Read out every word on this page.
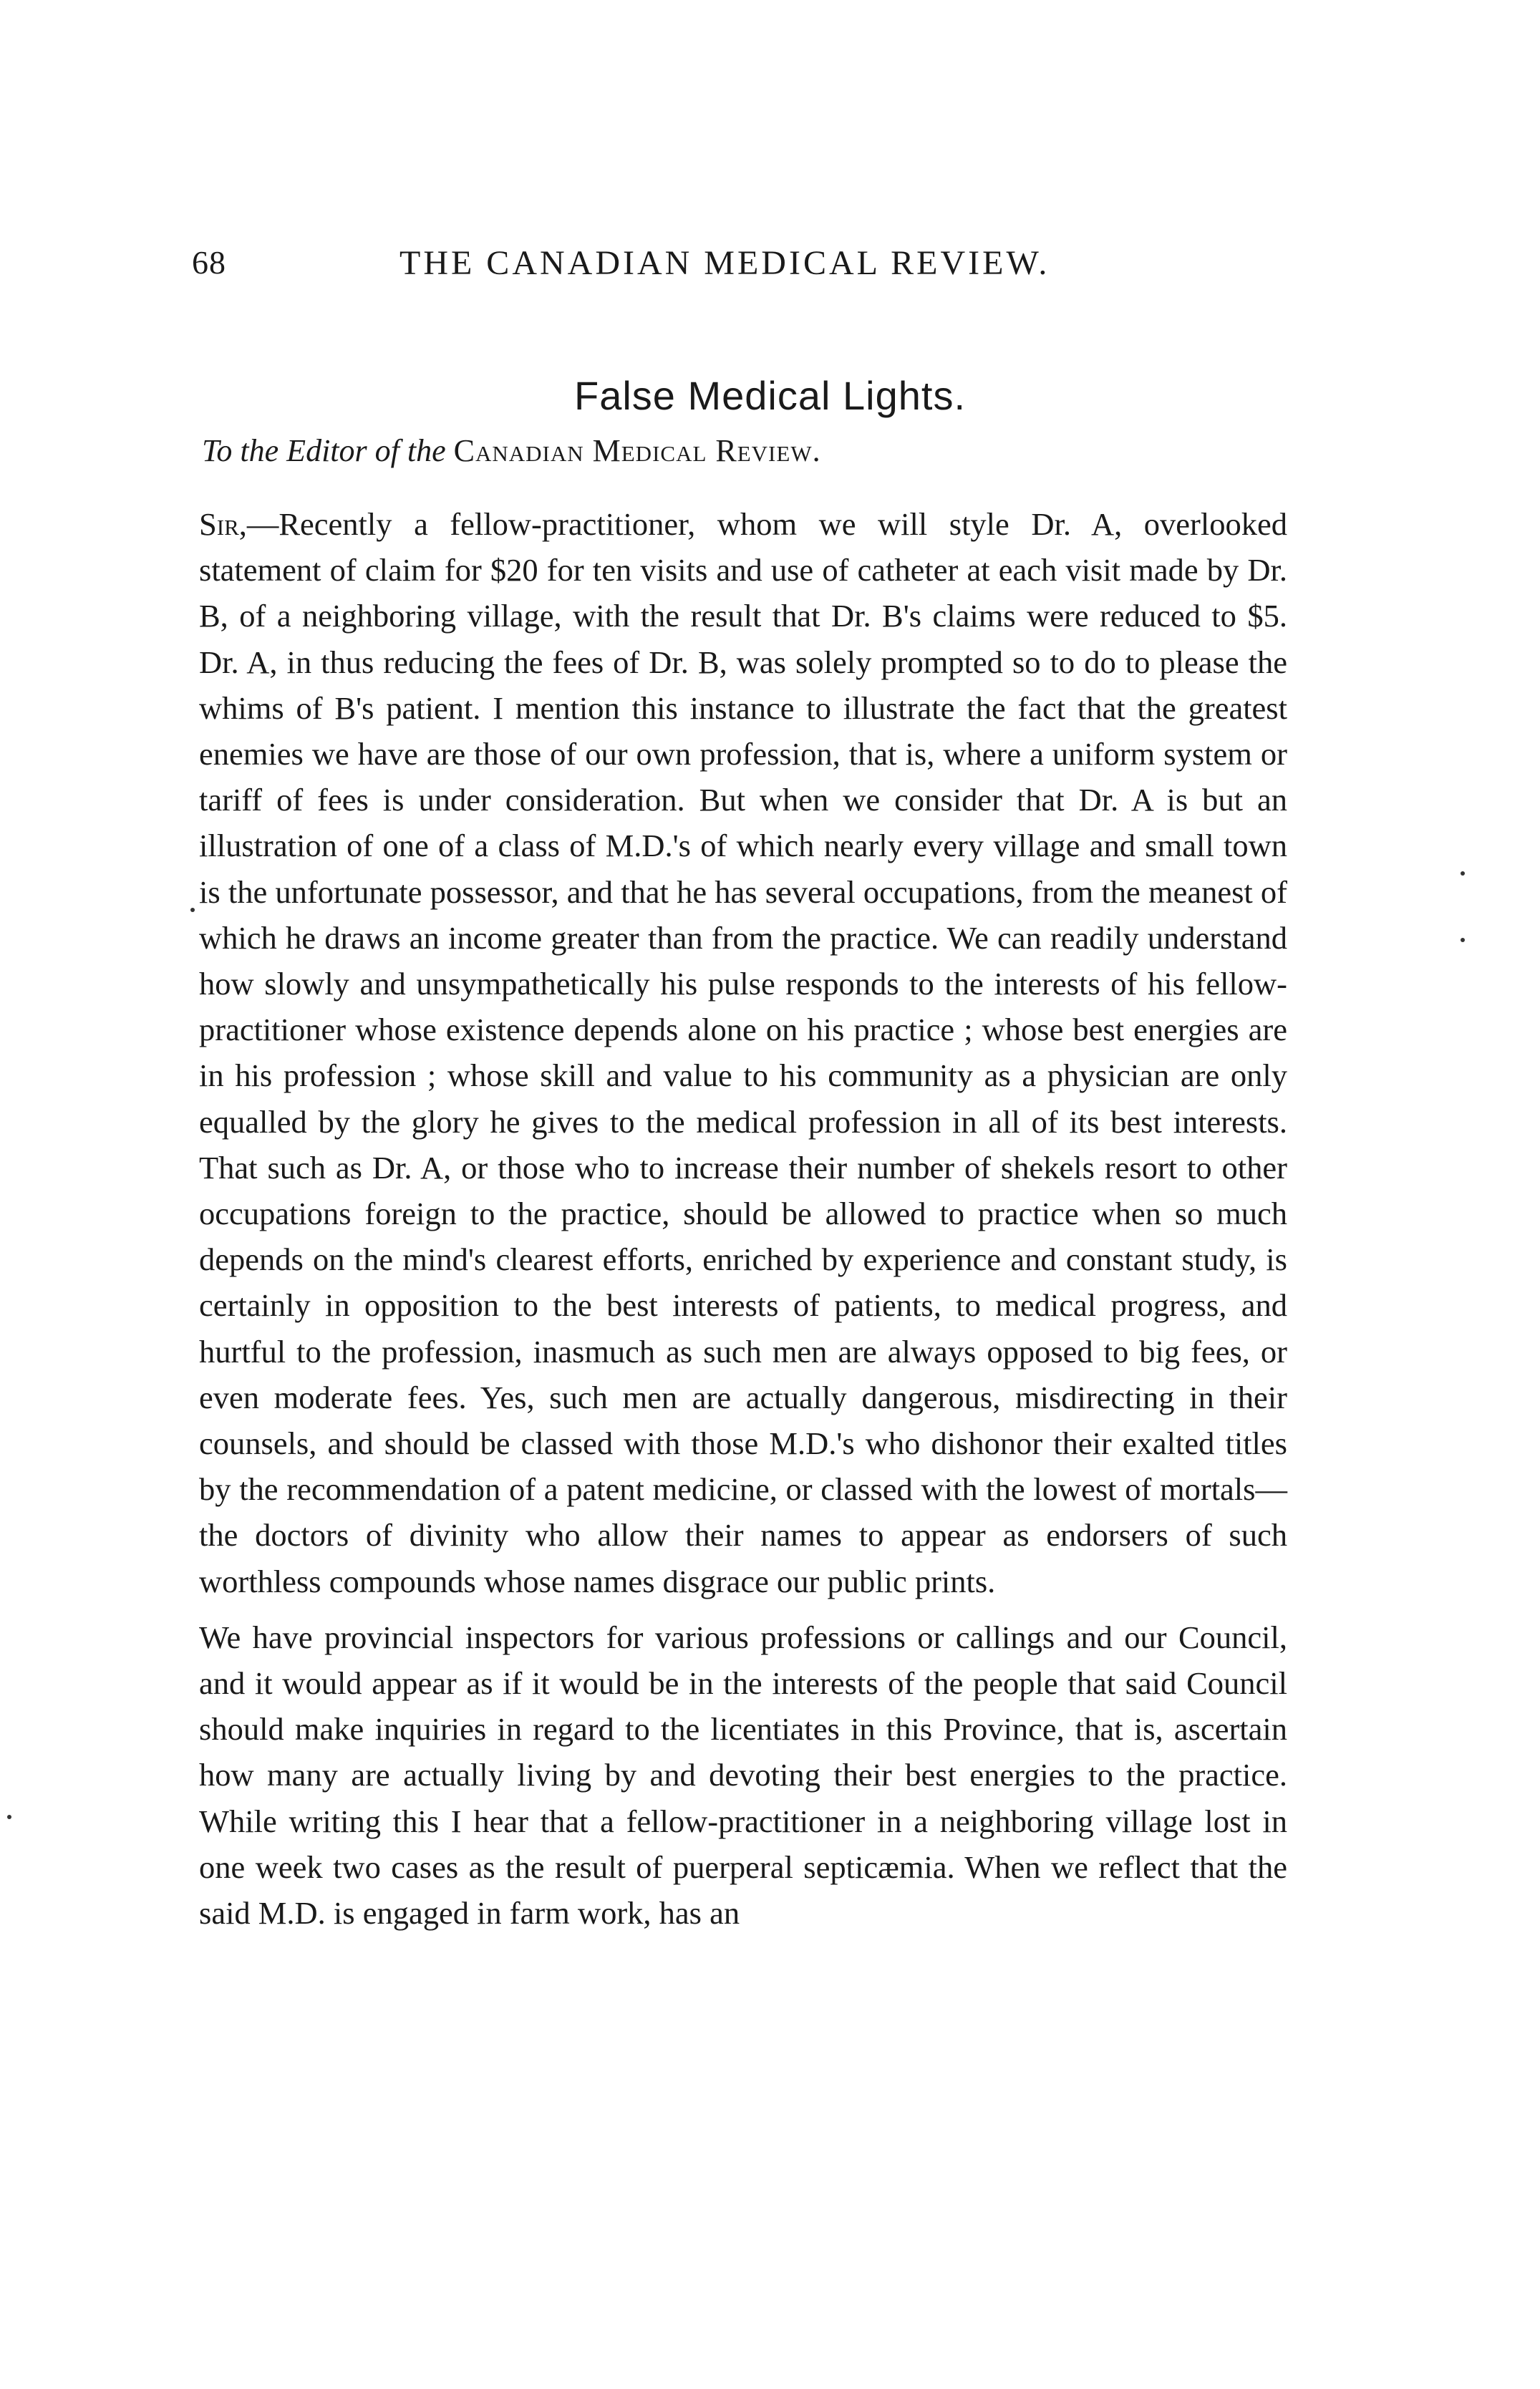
68	THE CANADIAN MEDICAL REVIEW.
False Medical Lights.
To the Editor of the Canadian Medical Review.

Sir,—Recently a fellow-practitioner, whom we will style Dr. A, overlooked statement of claim for $20 for ten visits and use of catheter at each visit made by Dr. B, of a neighboring village, with the result that Dr. B's claims were reduced to $5. Dr. A, in thus reducing the fees of Dr. B, was solely prompted so to do to please the whims of B's patient. I mention this instance to illustrate the fact that the greatest enemies we have are those of our own profession, that is, where a uniform system or tariff of fees is under consideration. But when we consider that Dr. A is but an illustration of one of a class of M.D.'s of which nearly every village and small town is the unfortunate possessor, and that he has several occupations, from the meanest of which he draws an income greater than from the practice. We can readily understand how slowly and unsympathetically his pulse responds to the interests of his fellow-practitioner whose existence depends alone on his practice ; whose best energies are in his profession ; whose skill and value to his community as a physician are only equalled by the glory he gives to the medical profession in all of its best interests. That such as Dr. A, or those who to increase their number of shekels resort to other occupations foreign to the practice, should be allowed to practice when so much depends on the mind's clearest efforts, enriched by experience and constant study, is certainly in opposition to the best interests of patients, to medical progress, and hurtful to the profession, inasmuch as such men are always opposed to big fees, or even moderate fees. Yes, such men are actually dangerous, misdirecting in their counsels, and should be classed with those M.D.'s who dishonor their exalted titles by the recommendation of a patent medicine, or classed with the lowest of mortals—the doctors of divinity who allow their names to appear as endorsers of such worthless compounds whose names disgrace our public prints.

We have provincial inspectors for various professions or callings and our Council, and it would appear as if it would be in the interests of the people that said Council should make inquiries in regard to the licentiates in this Province, that is, ascertain how many are actually living by and devoting their best energies to the practice. While writing this I hear that a fellow-practitioner in a neighboring village lost in one week two cases as the result of puerperal septicæmia. When we reflect that the said M.D. is engaged in farm work, has an
